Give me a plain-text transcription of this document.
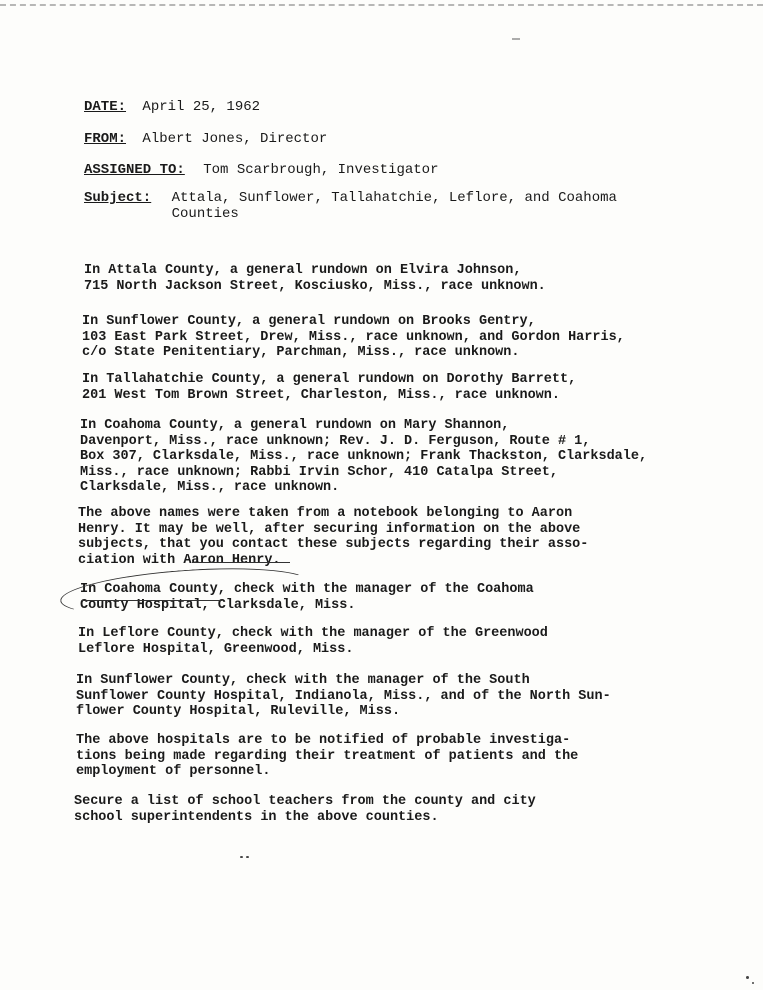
DATE: April 25, 1962
FROM: Albert Jones, Director
ASSIGNED TO: Tom Scarbrough, Investigator
Subject: Attala, Sunflower, Tallahatchie, Leflore, and Coahoma
Counties
In Attala County, a general rundown on Elvira Johnson,
715 North Jackson Street, Kosciusko, Miss., race unknown.
In Sunflower County, a general rundown on Brooks Gentry,
103 East Park Street, Drew, Miss., race unknown, and Gordon Harris,
c/o State Penitentiary, Parchman, Miss., race unknown.
In Tallahatchie County, a general rundown on Dorothy Barrett,
201 West Tom Brown Street, Charleston, Miss., race unknown.
In Coahoma County, a general rundown on Mary Shannon,
Davenport, Miss., race unknown; Rev. J. D. Ferguson, Route # 1,
Box 307, Clarksdale, Miss., race unknown; Frank Thackston, Clarksdale,
Miss., race unknown; Rabbi Irvin Schor, 410 Catalpa Street,
Clarksdale, Miss., race unknown.
The above names were taken from a notebook belonging to Aaron
Henry. It may be well, after securing information on the above
subjects, that you contact these subjects regarding their asso-
ciation with Aaron Henry.
In Coahoma County, check with the manager of the Coahoma
County Hospital, Clarksdale, Miss.
In Leflore County, check with the manager of the Greenwood
Leflore Hospital, Greenwood, Miss.
In Sunflower County, check with the manager of the South
Sunflower County Hospital, Indianola, Miss., and of the North Sun-
flower County Hospital, Ruleville, Miss.
The above hospitals are to be notified of probable investiga-
tions being made regarding their treatment of patients and the
employment of personnel.
Secure a list of school teachers from the county and city
school superintendents in the above counties.
